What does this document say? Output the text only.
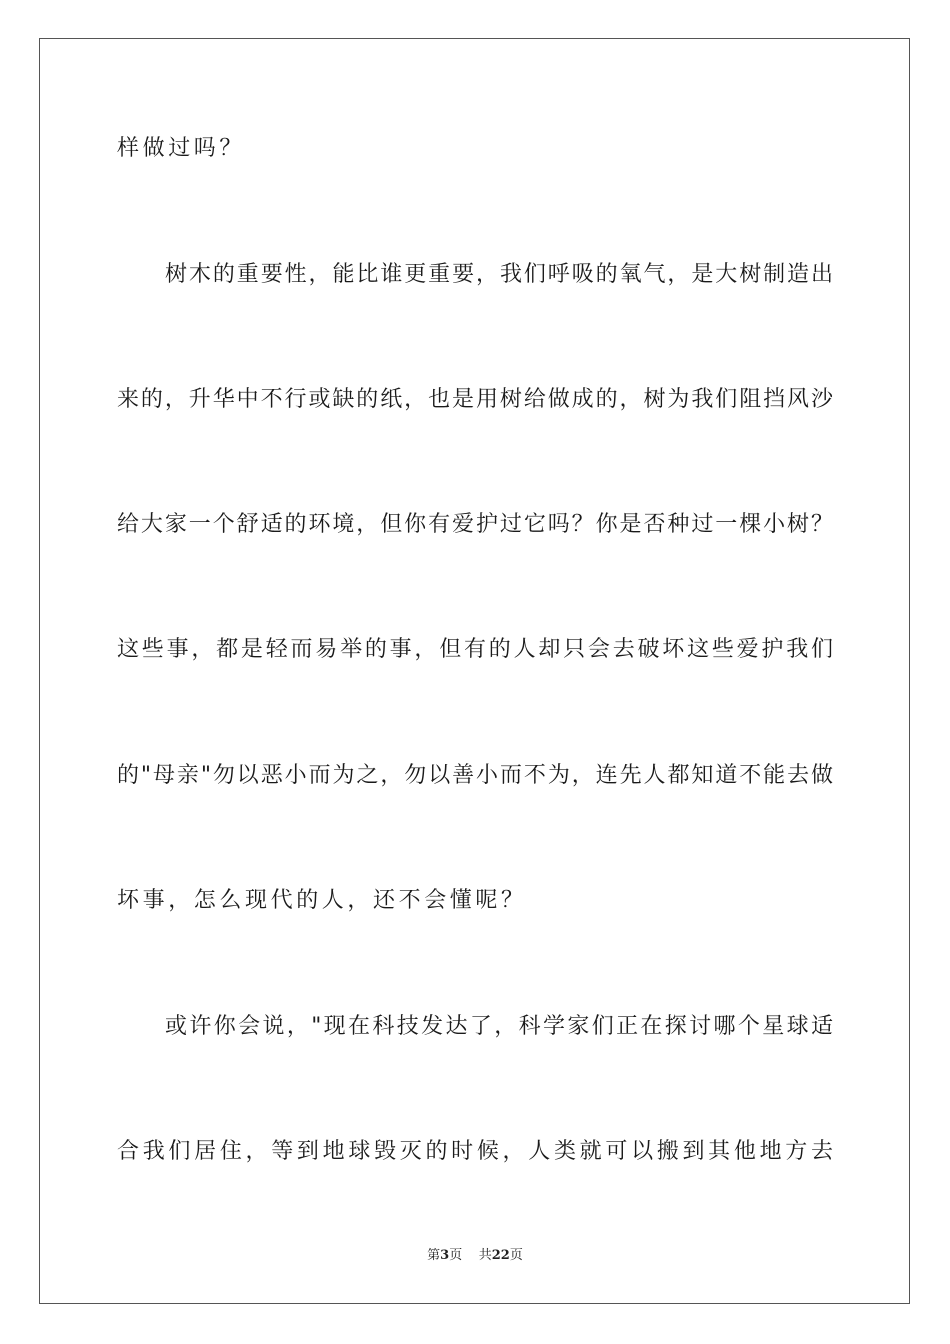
样做过吗？
树木的重要性，能比谁更重要，我们呼吸的氧气，是大树制造出
来的，升华中不行或缺的纸，也是用树给做成的，树为我们阻挡风沙
给大家一个舒适的环境，但你有爱护过它吗？你是否种过一棵小树？
这些事，都是轻而易举的事，但有的人却只会去破坏这些爱护我们
的"母亲"勿以恶小而为之，勿以善小而不为，连先人都知道不能去做
坏事，怎么现代的人，还不会懂呢？
或许你会说，"现在科技发达了，科学家们正在探讨哪个星球适
合我们居住，等到地球毁灭的时候，人类就可以搬到其他地方去
第3页 共22页
